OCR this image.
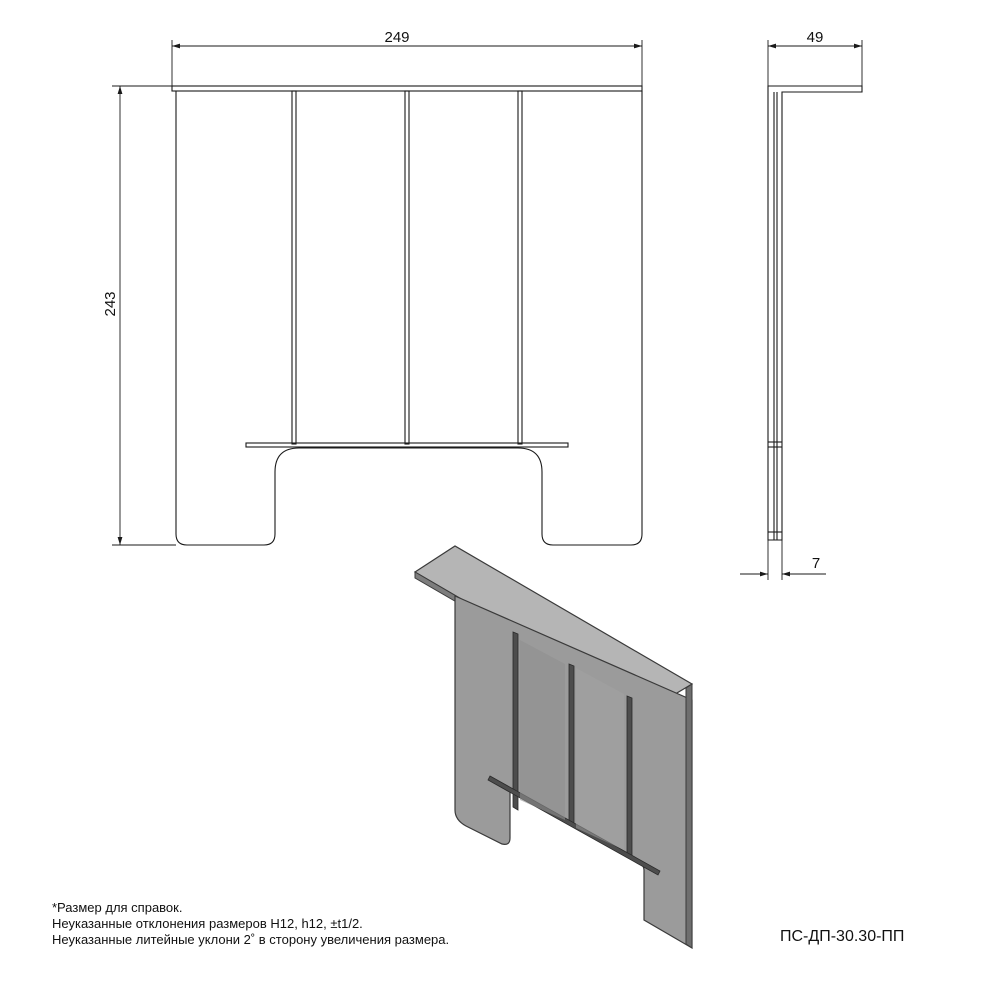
249
243
49
7
*Размер для справок.
Неуказанные отклонения размеров H12, h12, ±t1/2.
Неуказанные литейные уклони 2˚ в сторону увеличения размера.	ПС-ДП-30.30-ПП
